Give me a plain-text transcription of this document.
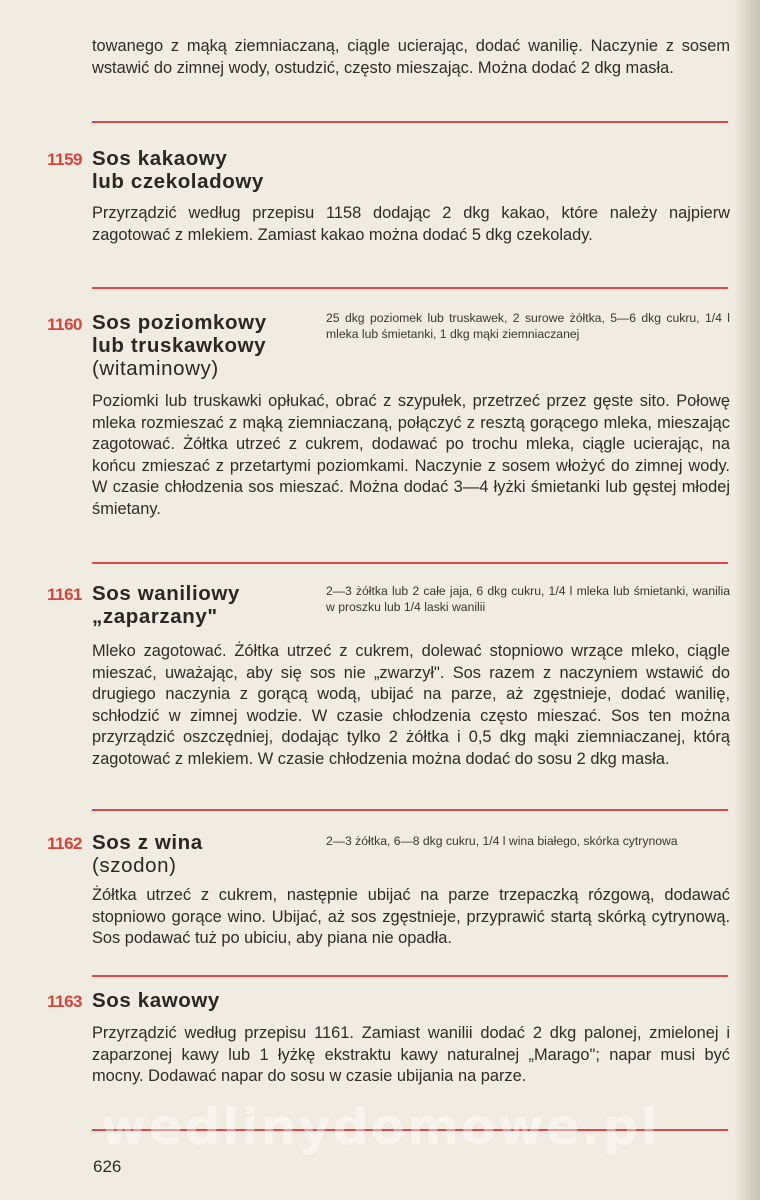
towanego z mąką ziemniaczaną, ciągle ucierając, dodać wanilię. Naczynie z sosem wstawić do zimnej wody, ostudzić, często mieszając. Można dodać 2 dkg masła.

1159 Sos kakaowy
lub czekoladowy

Przyrządzić według przepisu 1158 dodając 2 dkg kakao, które należy najpierw zagotować z mlekiem. Zamiast kakao można dodać 5 dkg czekolady.

1160 Sos poziomkowy
lub truskawkowy
(witaminowy)

25 dkg poziomek lub truskawek, 2 surowe żółtka, 5—6 dkg cukru, 1/4 l mleka lub śmietanki, 1 dkg mąki ziemniaczanej

Poziomki lub truskawki opłukać, obrać z szypułek, przetrzeć przez gęste sito. Połowę mleka rozmieszać z mąką ziemniaczaną, połączyć z resztą gorącego mleka, mieszając zagotować. Żółtka utrzeć z cukrem, dodawać po trochu mleka, ciągle ucierając, na końcu zmieszać z przetartymi poziomkami. Naczynie z sosem włożyć do zimnej wody. W czasie chłodzenia sos mieszać. Można dodać 3—4 łyżki śmietanki lub gęstej młodej śmietany.

1161 Sos waniliowy
„zaparzany"

2—3 żółtka lub 2 całe jaja, 6 dkg cukru, 1/4 l mleka lub śmietanki, wanilia w proszku lub 1/4 laski wanilii

Mleko zagotować. Żółtka utrzeć z cukrem, dolewać stopniowo wrzące mleko, ciągle mieszać, uważając, aby się sos nie „zwarzył". Sos razem z naczyniem wstawić do drugiego naczynia z gorącą wodą, ubijać na parze, aż zgęstnieje, dodać wanilię, schłodzić w zimnej wodzie. W czasie chłodzenia często mieszać. Sos ten można przyrządzić oszczędniej, dodając tylko 2 żółtka i 0,5 dkg mąki ziemniaczanej, którą zagotować z mlekiem. W czasie chłodzenia można dodać do sosu 2 dkg masła.

1162 Sos z wina
(szodon)

2—3 żółtka, 6—8 dkg cukru, 1/4 l wina białego, skórka cytrynowa

Żółtka utrzeć z cukrem, następnie ubijać na parze trzepaczką rózgową, dodawać stopniowo gorące wino. Ubijać, aż sos zgęstnieje, przyprawić startą skórką cytrynową. Sos podawać tuż po ubiciu, aby piana nie opadła.

1163 Sos kawowy

Przyrządzić według przepisu 1161. Zamiast wanilii dodać 2 dkg palonej, zmielonej i zaparzonej kawy lub 1 łyżkę ekstraktu kawy naturalnej „Marago"; napar musi być mocny. Dodawać napar do sosu w czasie ubijania na parze.

wedlinydomowe.pl
626
